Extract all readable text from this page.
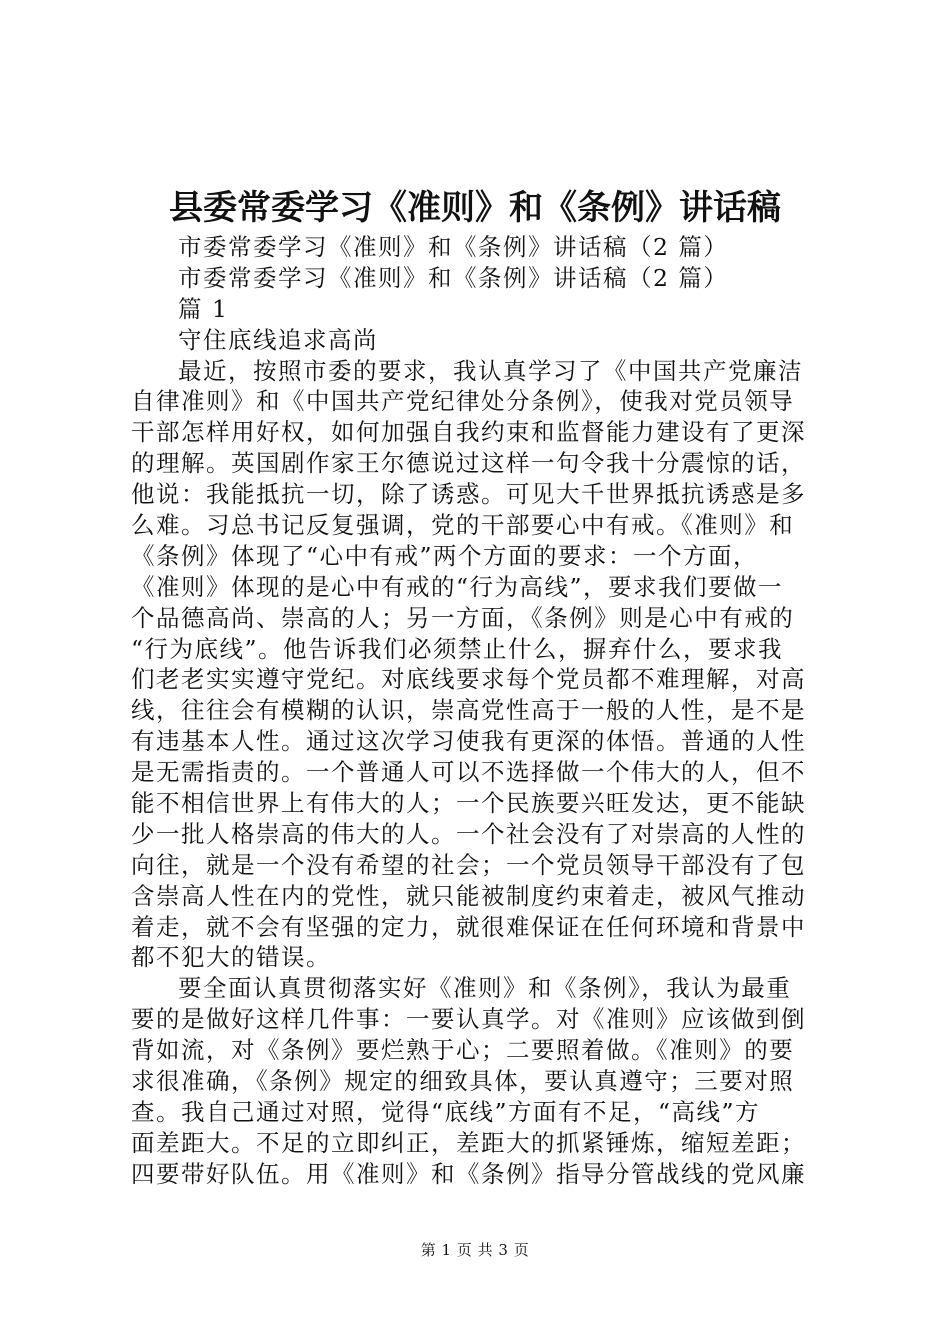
县委常委学习《准则》和《条例》讲话稿

市委常委学习《准则》和《条例》讲话稿（2 篇）

市委常委学习《准则》和《条例》讲话稿（2 篇）

篇 1

守住底线追求高尚

最近，按照市委的要求，我认真学习了《中国共产党廉洁

自律准则》和《中国共产党纪律处分条例》，使我对党员领导

干部怎样用好权，如何加强自我约束和监督能力建设有了更深

的理解。英国剧作家王尔德说过这样一句令我十分震惊的话，

他说：我能抵抗一切，除了诱惑。可见大千世界抵抗诱惑是多

么难。习总书记反复强调，党的干部要心中有戒。《准则》和

《条例》体现了“心中有戒”两个方面的要求：一个方面，

《准则》体现的是心中有戒的“行为高线”，要求我们要做一

个品德高尚、崇高的人；另一方面，《条例》则是心中有戒的

“行为底线”。他告诉我们必须禁止什么，摒弃什么，要求我

们老老实实遵守党纪。对底线要求每个党员都不难理解，对高

线，往往会有模糊的认识，崇高党性高于一般的人性，是不是

有违基本人性。通过这次学习使我有更深的体悟。普通的人性

是无需指责的。一个普通人可以不选择做一个伟大的人，但不

能不相信世界上有伟大的人；一个民族要兴旺发达，更不能缺

少一批人格崇高的伟大的人。一个社会没有了对崇高的人性的

向往，就是一个没有希望的社会；一个党员领导干部没有了包

含崇高人性在内的党性，就只能被制度约束着走，被风气推动

着走，就不会有坚强的定力，就很难保证在任何环境和背景中

都不犯大的错误。

要全面认真贯彻落实好《准则》和《条例》，我认为最重

要的是做好这样几件事：一要认真学。对《准则》应该做到倒

背如流，对《条例》要烂熟于心；二要照着做。《准则》的要

求很准确，《条例》规定的细致具体，要认真遵守；三要对照

查。我自己通过对照，觉得“底线”方面有不足，“高线”方

面差距大。不足的立即纠正，差距大的抓紧锤炼，缩短差距；

四要带好队伍。用《准则》和《条例》指导分管战线的党风廉

第 1 页 共 3 页
